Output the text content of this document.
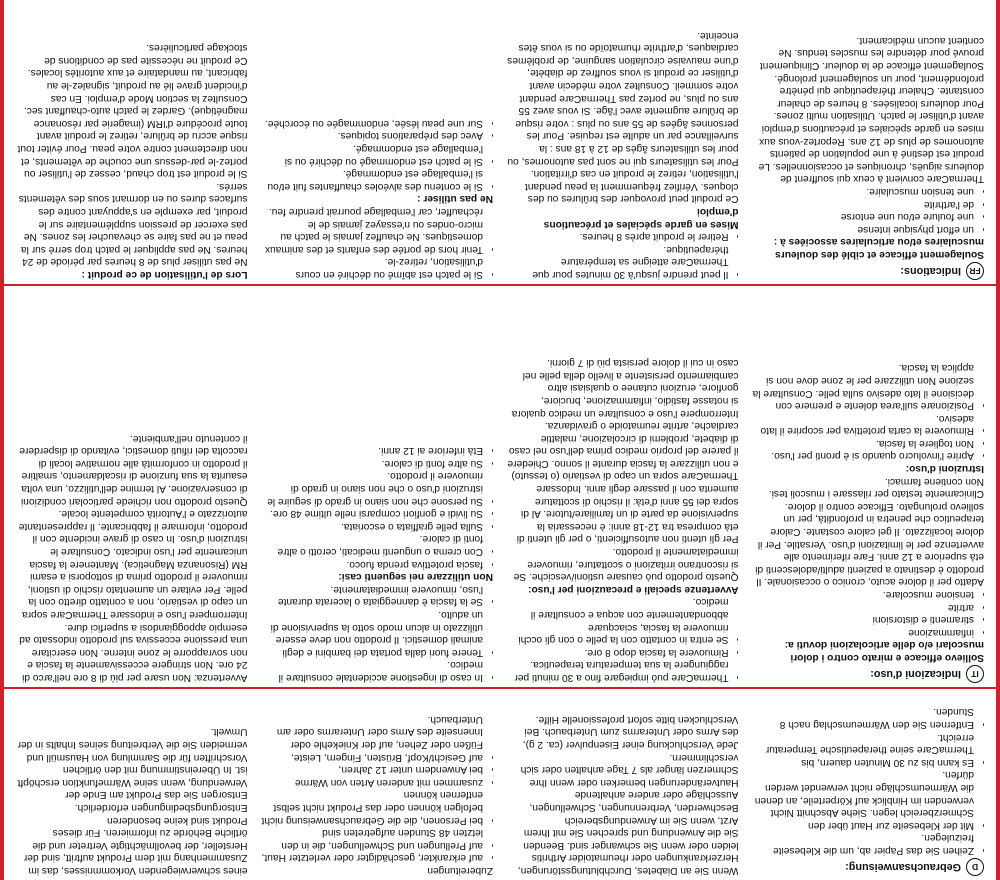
D
Gebrauchsanweisung:
• Zeihen Sie das Papier ab, um die Klebeseite freizulegen.
• Mit der Klebeseite zur Haut über den Schmerzbereich legen. Siehe Abschnitt Nicht verwenden im Hinblick auf Körperteile, an denen die Wärmeumschläge nicht verwendet werden dürfen.
• Es kann bis zu 30 Minuten dauern, bis ThermaCare seine therapeutische Temperatur erreicht.
• Entfernen Sie den Wärmeumschlag nach 8 Stunden.

Wenn Sie an Diabetes, Durchblutungsstörungen, Herzerkrankungen oder rheumatoider Arthritis leiden oder wenn Sie schwanger sind. Beenden Sie die Anwendung und sprechen Sie mit Ihrem Arzt, wenn Sie im Anwendungsbereich Beschwerden, Verbrennungen, Schwellungen, Ausschläge oder andere anhaltende Hautveränderungen bemerken oder wenn Ihre Schmerzen länger als 7 Tage anhalten oder sich verschlimmern.

Jede Verschluckung einer Eisenpulver (ca. 2 g), des Arms oder Unterarms zum Unterbauch. Bei Verschlucken bitte sofort professionelle Hilfe.

Zubereitungen

• auf erkrankter, geschädigter oder verletzter Haut,
• auf Prellungen und Schwellungen, die in den letzten 48 Stunden aufgetreten sind
• bei Personen, die die Gebrauchsanweisung nicht befolgen können oder das Produkt nicht selbst entfernen können
• zusammen mit anderen Arten von Wärme
• bei Anwendern unter 12 Jahren,
• auf Gesicht/Kopf, Brüsten, Fingern, Leiste, Füßen oder Zehen, auf der Kniekehle oder Innenseite des Arms oder Unterarms oder am Unterbauch.

eines schwerwiegenden Vorkommnisses, das im Zusammenhang mit dem Produkt auftritt, sind der Hersteller, der bevollmächtigte Vertreter und die örtliche Behörde zu informieren. Für dieses Produkt sind keine besonderen Entsorgungsbedingungen erforderlich.

Entsorgen Sie das Produkt am Ende der Verwendung, wenn seine Wärmefunktion erschöpft ist. In Übereinstimmung mit den örtlichen Vorschriften für die Sammlung von Hausmüll und vermeiden Sie die Verbreitung seines Inhalts in der Umwelt.

IT
Indicazioni d'uso:

Sollievo efficace e mirato contro i dolori muscolari e/o delle articolazioni dovuti a:

• infiammazione
• stiramenti e distorsioni
• artrite
• tensione muscolare.

Adatto per il dolore acuto, cronico o occasionale. Il prodotto è destinato a pazienti adulti/adolescenti di età superiore a 12 anni. Fare riferimento alle avvertenze per le limitazioni d'uso. Versatile. Per il dolore localizzato. Il gel calore costante. Calore terapeutico che penetra in profondità, per un sollievo prolungato. Efficace contro il dolore. Clinicamente testato per rilassare i muscoli tesi. Non contiene farmaci.

Istruzioni d'uso:

• Aprire l'involucro quando si è pronti per l'uso.
• Non togliere la fascia.
• Rimuovere la carta protettiva per scoprire il lato adesivo.
• Posizionare sull'area dolente e premere con decisione il lato adesivo sulla pelle. Consultare la sezione Non utilizzare per le zone dove non si applica la fascia.
• ThermaCare può impiegare fino a 30 minuti per raggiungere la sua temperatura terapeutica.
• Rimuovere la fascia dopo 8 ore.
• Se entra in contatto con la pelle o con gli occhi rimuovere la fascia, sciacquare abbondantemente con acqua e consultare il medico.

Avvertenze speciali e precauzioni per l'uso:

Questo prodotto può causare ustioni/vesciche. Se si riscontrano irritazioni o scottature, rimuovere immediatamente il prodotto.

Per gli utenti non autosufficienti, o per gli utenti di età compresa tra 12-18 anni: è necessaria la supervisione da parte di un familiare/tutore. Al di sopra dei 55 anni d'età: il rischio di scottature aumenta con il passare degli anni. Indossare ThermaCare sopra un capo di vestiario (o tessuto) e non utilizzare la fascia durante il sonno. Chiedere il parere del proprio medico prima dell'uso nel caso di diabete, problemi di circolazione, malattie cardiache, artrite reumatoide o gravidanza.

Interrompere l'uso e consultare un medico qualora si notasse fastidio, infiammazione, bruciore, gonfiore, eruzioni cutanee o qualsiasi altro cambiamento persistente a livello della pelle nel caso in cui il dolore persista più di 7 giorni.

• In caso di ingestione accidentale consultare il medico.
• Tenere fuori dalla portata dei bambini e degli animali domestici. Il prodotto non deve essere utilizzato in alcun modo sotto la supervisione di un adulto.
• Se la fascia è danneggiata o lacerata durante l'uso, rimuovere immediatamente.

Non utilizzare nei seguenti casi:

• fascia protettiva prenda fuoco.
• Con crema o unguenti medicati, cerotti o altre fonti di calore.
• Sulla pelle graffiata o escoriata.
• Su lividi e gonfiori comparsi nelle ultime 48 ore.
• Su persone che non siano in grado di seguire le istruzioni d'uso o che non siano in grado di rimuovere il prodotto.
• Su altre fonti di calore.
• Età inferiore ai 12 anni.

Avvertenza: Non usare per più di 8 ore nell'arco di 24 ore. Non stringere eccessivamente la fascia e non sovrapporre le zone interne. Non esercitare una pressione eccessiva sul prodotto indossato ad esempio appoggiandosi a superfici dure.

Interrompere l'uso e indossare ThermaCare sopra un capo di vestiario, non a contatto diretto con la pelle. Per evitare un aumentato rischio di ustioni, rimuovere il prodotto prima di sottoporsi a esami RM (Risonanza Magnetica). Mantenere la fascia unicamente per l'uso indicato. Consultare le istruzioni d'uso. In caso di grave incidente con il prodotto, informare il fabbricante. Il rappresentante autorizzato e l'Autorità competente locale.

Questo prodotto non richiede particolari condizioni di conservazione. Al termine dell'utilizzo, una volta esaurita la sua funzione di riscaldamento, smaltire il prodotto in conformità alle normative locali di raccolta dei rifiuti domestici, evitando di disperdere il contenuto nell'ambiente.

FR
Indications:

Soulagement efficace et ciblé des douleurs musculaires et/ou articulaires associées à :

• un effort physique intense
• une foulure et/ou une entorse
• de l'arthrite
• une tension musculaire.

ThermaCare convient à ceux qui souffrent de douleurs aiguës, chroniques et occasionnelles. Le produit est destiné à une population de patients autonomes de plus de 12 ans. Reportez-vous aux mises en garde spéciales et précautions d'emploi avant d'utiliser le patch. Utilisation multi zones. Pour douleurs localisées. 8 heures de chaleur constante. Chaleur thérapeutique qui pénètre profondément, pour un soulagement prolongé. Soulagement efficace de la douleur. Cliniquement prouvé pour détendre les muscles tendus. Ne contient aucun médicament.

• Il peut prendre jusqu'à 30 minutes pour que ThermaCare atteigne sa température thérapeutique.
• Retirer le produit après 8 heures.

Mises en garde spéciales et précautions d'emploi

Ce produit peut provoquer des brûlures ou des cloques. Vérifiez fréquemment la peau pendant l'utilisation, retirez le produit en cas d'irritation.

Pour les utilisateurs qui ne sont pas autonomes, ou pour les utilisateurs âgés de 12 à 18 ans : la surveillance par un adulte est requise. Pour les personnes âgées de 55 ans ou plus : votre risque de brûlure augmente avec l'âge. Si vous avez 55 ans ou plus, ne portez pas ThermaCare pendant votre sommeil. Consultez votre médecin avant d'utiliser ce produit si vous souffrez de diabète, d'une mauvaise circulation sanguine, de problèmes cardiaques, d'arthrite rhumatoïde ou si vous êtes enceinte.

• Si le patch est abîmé ou déchiré en cours d'utilisation, retirez-le.
• Tenir hors de portée des enfants et des animaux domestiques. Ne chauffez jamais le patch au micro-ondes ou n'essayez jamais de le réchauffer, car l'emballage pourrait prendre feu.

Ne pas utiliser :

• Si le contenu des alvéoles chauffantes fuit et/ou si l'emballage est endommagé.
• Si le patch est endommagé ou déchiré ou si l'emballage est endommagé.
• Avec des préparations topiques.
• Sur une peau lésée, endommagée ou écorchée.

Lors de l'utilisation de ce produit :

Ne pas utiliser plus de 8 heures par période de 24 heures. Ne pas appliquer le patch trop serré sur la peau et ne pas faire se chevaucher les zones. Ne pas exercer de pression supplémentaire sur le produit, par exemple en s'appuyant contre des surfaces dures ou en dormant sous des vêtements serrés.

Si le produit est trop chaud, cessez de l'utiliser ou portez-le par-dessus une couche de vêtements, et non directement contre votre peau. Pour éviter tout risque accru de brûlure, retirez le produit avant toute procédure d'IRM (imagerie par résonance magnétique). Gardez le patch auto-chauffant sec. Consultez la section Mode d'emploi. En cas d'incident grave lié au produit, signalez-le au fabricant, au mandataire et aux autorités locales. Ce produit ne nécessite pas de conditions de stockage particulières.
